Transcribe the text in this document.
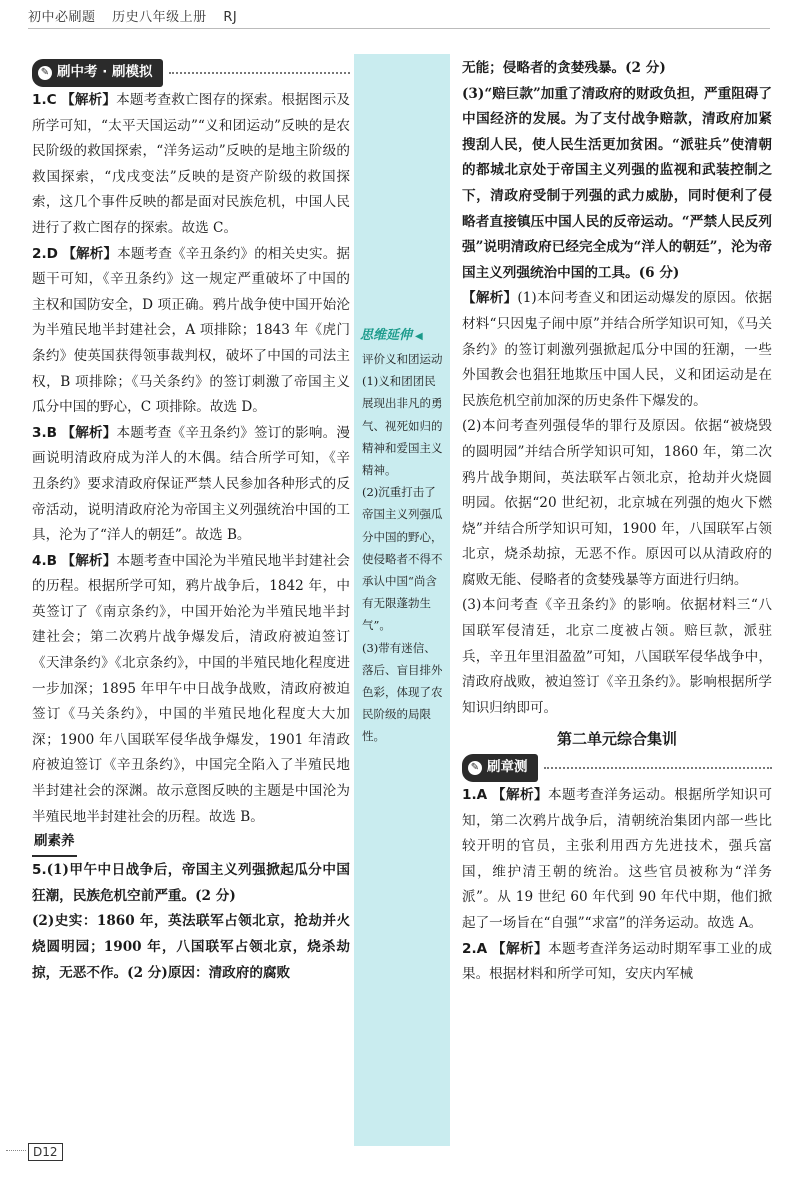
初中必刷题 历史八年级上册 RJ
✎ 刷中考 · 刷模拟

1.C 【解析】本题考查救亡图存的探索。根据图示及所学可知，“太平天国运动”“义和团运动”反映的是农民阶级的救国探索，“洋务运动”反映的是地主阶级的救国探索，“戊戌变法”反映的是资产阶级的救国探索，这几个事件反映的都是面对民族危机，中国人民进行了救亡图存的探索。故选 C。

2.D 【解析】本题考查《辛丑条约》的相关史实。据题干可知，《辛丑条约》这一规定严重破坏了中国的主权和国防安全，D 项正确。鸦片战争使中国开始沦为半殖民地半封建社会，A 项排除；1843 年《虎门条约》使英国获得领事裁判权，破坏了中国的司法主权，B 项排除；《马关条约》的签订刺激了帝国主义瓜分中国的野心，C 项排除。故选 D。

3.B 【解析】本题考查《辛丑条约》签订的影响。漫画说明清政府成为洋人的木偶。结合所学可知，《辛丑条约》要求清政府保证严禁人民参加各种形式的反帝活动，说明清政府沦为帝国主义列强统治中国的工具，沦为了“洋人的朝廷”。故选 B。

4.B 【解析】本题考查中国沦为半殖民地半封建社会的历程。根据所学可知，鸦片战争后，1842 年，中英签订了《南京条约》，中国开始沦为半殖民地半封建社会；第二次鸦片战争爆发后，清政府被迫签订《天津条约》《北京条约》，中国的半殖民地化程度进一步加深；1895 年甲午中日战争战败，清政府被迫签订《马关条约》，中国的半殖民地化程度大大加深；1900 年八国联军侵华战争爆发，1901 年清政府被迫签订《辛丑条约》，中国完全陷入了半殖民地半封建社会的深渊。故示意图反映的主题是中国沦为半殖民地半封建社会的历程。故选 B。

刷素养

5.(1)甲午中日战争后，帝国主义列强掀起瓜分中国狂潮，民族危机空前严重。(2 分)

(2)史实：1860 年，英法联军占领北京，抢劫并火烧圆明园；1900 年，八国联军占领北京，烧杀劫掠，无恶不作。(2 分)原因：清政府的腐败

思维延伸 ◀

评价义和团运动

(1)义和团团民展现出非凡的勇气、视死如归的精神和爱国主义精神。

(2)沉重打击了帝国主义列强瓜分中国的野心，使侵略者不得不承认中国“尚含有无限蓬勃生气”。

(3)带有迷信、落后、盲目排外色彩，体现了农民阶级的局限性。

无能；侵略者的贪婪残暴。(2 分)

(3)“赔巨款”加重了清政府的财政负担，严重阻碍了中国经济的发展。为了支付战争赔款，清政府加紧搜刮人民，使人民生活更加贫困。“派驻兵”使清朝的都城北京处于帝国主义列强的监视和武装控制之下，清政府受制于列强的武力威胁，同时便利了侵略者直接镇压中国人民的反帝运动。“严禁人民反列强”说明清政府已经完全成为“洋人的朝廷”，沦为帝国主义列强统治中国的工具。(6 分)

【解析】(1)本问考查义和团运动爆发的原因。依据材料“只因鬼子闹中原”并结合所学知识可知，《马关条约》的签订刺激列强掀起瓜分中国的狂潮，一些外国教会也猖狂地欺压中国人民，义和团运动是在民族危机空前加深的历史条件下爆发的。

(2)本问考查列强侵华的罪行及原因。依据“被烧毁的圆明园”并结合所学知识可知，1860 年，第二次鸦片战争期间，英法联军占领北京，抢劫并火烧圆明园。依据“20 世纪初，北京城在列强的炮火下燃烧”并结合所学知识可知，1900 年，八国联军占领北京，烧杀劫掠，无恶不作。原因可以从清政府的腐败无能、侵略者的贪婪残暴等方面进行归纳。

(3)本问考查《辛丑条约》的影响。依据材料三“八国联军侵清廷，北京二度被占领。赔巨款，派驻兵，辛丑年里泪盈盈”可知，八国联军侵华战争中，清政府战败，被迫签订《辛丑条约》。影响根据所学知识归纳即可。

第二单元综合集训
✎ 刷章测

1.A 【解析】本题考查洋务运动。根据所学知识可知，第二次鸦片战争后，清朝统治集团内部一些比较开明的官员，主张利用西方先进技术，强兵富国，维护清王朝的统治。这些官员被称为“洋务派”。从 19 世纪 60 年代到 90 年代中期，他们掀起了一场旨在“自强”“求富”的洋务运动。故选 A。

2.A 【解析】本题考查洋务运动时期军事工业的成果。根据材料和所学可知，安庆内军械

D12
